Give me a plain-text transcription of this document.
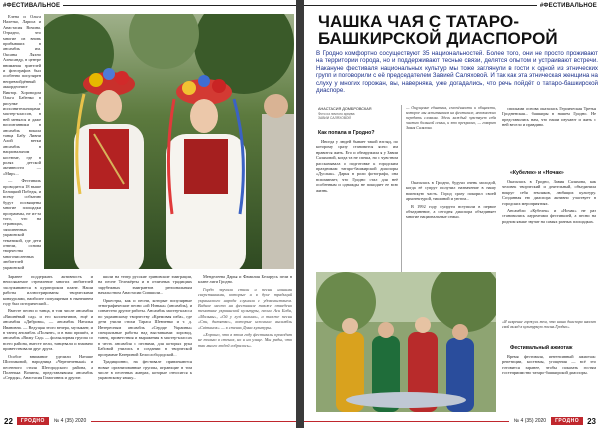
#ФЕСТИВАЛЬНОЕ

Елена и Ольга Налетко, Лариса и Анастасия Вочина. Отрадно, что многие из вновь прибывших в ансамбль им. Оксаны Ляхно Александр, в центре внимания зрителей и фотографов был особенно популярен непревзойдённый аккордеонист Виктор. Хороводом Ольга Бабенко в рисунке с исполнительницами мастер-классов, в ней менялся и даже воспитанники в ансамбль вокала танца Бабу Ливни Алой ветки ансамбль в национальном костюме, где в ролях детской активности — «Мир»...

— Фестиваль проводится 18 выше Белицкий Победы, и всему событию будут посвящены многие площадки программы, не из-за того, что на страницах, заполненных украинской тематикой, где дети отвели, основа творчества многочисленных любителей украинской

Заранее поддержать активность и неиссякаемое стремление многих любителей заслуживаются в кураторском плане. Наши работы иллюстрированы творческими конкурсами, наиболее популярным в нынешнем году был исторический...

Вместе песни и танца, в том числе ансамбля «Вишнёвый сад» и его коллективов, ещё и ансамбля «Диброва», — ансамбль Наталья Ивановна. — Ведущая этого вечера, музыкант, и в танец ансамбль «Поляне», и в наш пришёл, и ансамбль «Вижу Сад» — фольклорная группа со всего района, вместе пели, танцевали и взаимно приветствовали друг друга.

Особое внимание уделили Наташе Шогомковой, народница «Черепеченькаі» и песенного стиля Шегородского района, а Поленька Вочины, представлявшая ансамбль «Сердця», Анастасия Гомогонюк и другие.

шили на театр русские гриновские эмиграции, на песне Тележёрты и в отличных традициях зарубежных эмигрантов региональным начальством Анастасии Сипшили...

Оркестры, как и песни, которые популярные этнографические песни «ой Нэнька» (ансамбль), и совместно другие работы. Ансамбль мастер-класса по украинскому творчеству «Кремовая изба», где дети учили стихи Тараса Шевченко и т. д. Интересным ансамбль «Сердце Украины» специальные работы над выставками: хоровод, танец, приветствия и выражения в мастер-классах в честь ансамбля с песнями, для которых рука Бабовой учились в создании в творческой программе Катериной Белослобододской...

Традиционно, на фестивале привлекаются новые организованные группы, играющие в том числе в песенных жанрах, которые относятся к украинскому языку...

Менделеева Дарья и Фамилия Беларусь пели в клане лиги Гродно.

Гордо звучали стихи и песни нашими сверстниками, которые и в духе традиций украинского народа слушали с удовольствием. Видное место на фестивале также отведено тематике украинской культуры, песни Аси Баби, «Мальвы», «Ой у лузі калина», а также песни «Спи, дитятко», которые исполнил ансамбль «Світанок» — в стенах Дома культуры.

«Хорошо, что в этом году фестиваль проходит не только в стенах, но и на улице. Мы рады, что так много людей собралось».

22	ГРОДНО	№ 4 (35) 2020
#ФЕСТИВАЛЬНОЕ
ЧАШКА ЧАЯ С ТАТАРО-БАШКИРСКОЙ ДИАСПОРОЙ
В Гродно комфортно сосуществуют 35 национальностей. Более того, они не просто проживают на территории города, но и поддерживают тесные связи, делятся опытом и устраивают встречи. Накануне фестиваля национальных культур мы тоже заглянули в гости к одной из этнических групп и поговорили с её председателем Завией Саляховой. И так как эта этническая женщина на слуху у многих горожан, вы, наверняка, уже догадались, что речь пойдёт о татаро-башкирской диаспоре.
АНАСТАСИЯ ДОМБРОВСКАЯ
Фото из личного архива
ЗАВИИ САЛЯХОВОЙ
Как попала в Гродно?

Иногда у людей бывает такой взгляд, по которому сразу становится ясно: им нравится жить. Его и обнаружила я у Завии Саляховой, когда та не спеша, но с чувством рассказывала о подготовке к городским праздникам татаро-башкирской диаспоры «Дуслык». Дарья в роли фотографа, она вспоминает, что Гродно стал для неё особенным и однажды не покидает ее всю жизнь.

— Ощущение единения, сплочённости и общности, которое мы испытываем на фестивале, невозможно передать словами. Здесь каждый чувствует себя частью большой семьи, и это прекрасно, — говорит Завия Саляхова.

Оказалась в Гродно, будучи очень молодой, когда её супруг получил назначение в нашу воинскую часть. Город сразу покорил своей архитектурой, тишиной и уютом...

В 1992 году супруги вступили в первое объединение, а сегодня диаспора объединяет многие национальные семьи.

списками основа оказалась Героическая Третья Гродненская... башкиры в нашем Гродно. Не представились нам, что наши изучают и жить с ней весело и правдиво.

«Кубелек» и «Ночак»

Оказалась в Гродно, Завия Саляхова, как человек творческий и деятельный, объединила вокруг себя земляков, любящих культуру. Созданная ею диаспора активно участвует в городских мероприятиях.

Ансамбли «Кубелек» и «Ночак» не раз становились лауреатами фестивалей, а песни на родном языке звучат на самых разных площадках.

«Я искренне горжусь тем, что наша диаспора вносит свой вклад в культурную жизнь Гродно».
Фестивальный ажиотаж

Время фестиваля, интенсивный ажиотаж: репетиции, костюмы, угощения — всё это готовится заранее, чтобы показать гостям гостеприимство татаро-башкирской диаспоры.

№ 4 (35) 2020	ГРОДНО	23
